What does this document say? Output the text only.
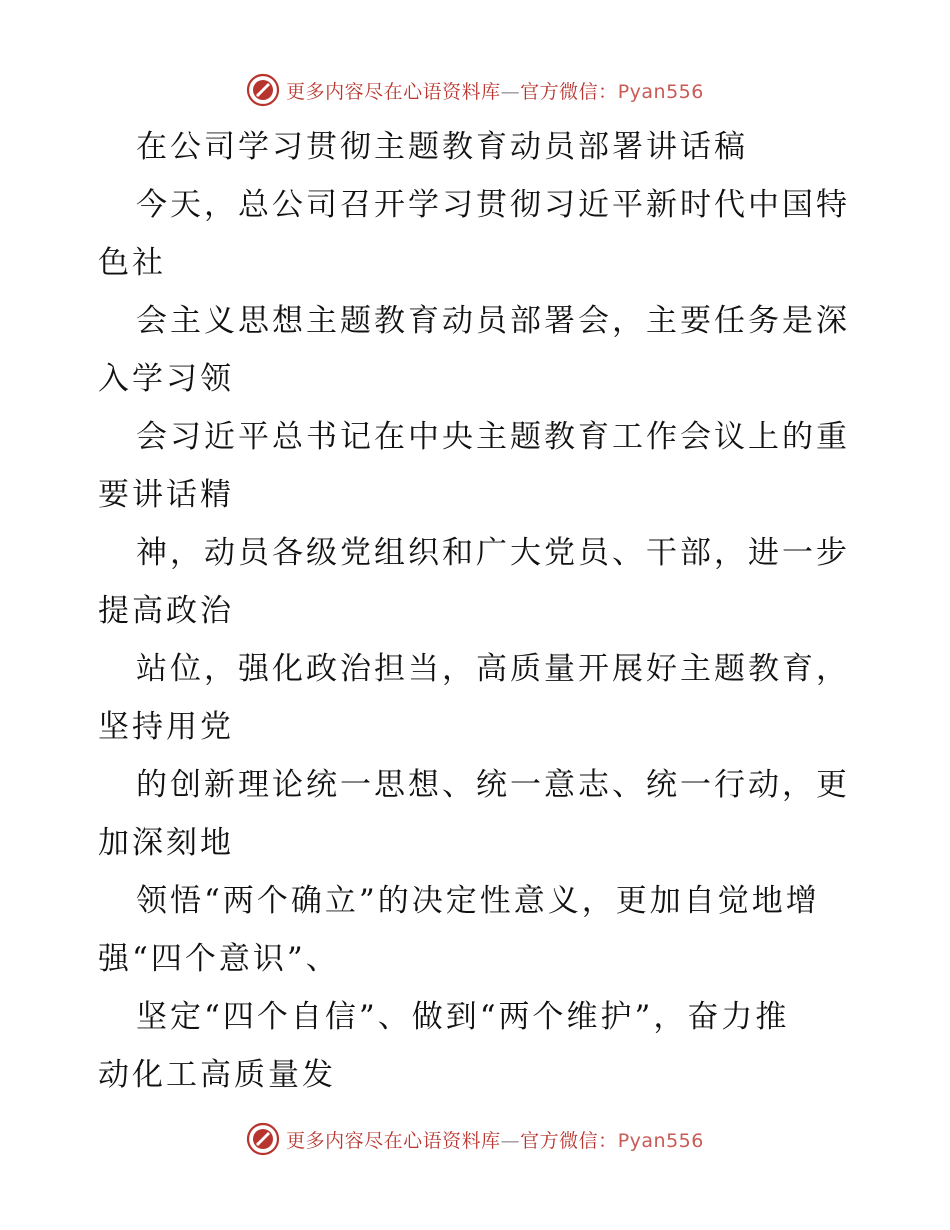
更多内容尽在心语资料库—官方微信：Pyan556
在公司学习贯彻主题教育动员部署讲话稿
今天，总公司召开学习贯彻习近平新时代中国特
色社
会主义思想主题教育动员部署会，主要任务是深
入学习领
会习近平总书记在中央主题教育工作会议上的重
要讲话精
神，动员各级党组织和广大党员、干部，进一步
提高政治
站位，强化政治担当，高质量开展好主题教育，
坚持用党
的创新理论统一思想、统一意志、统一行动，更
加深刻地
领悟“两个确立”的决定性意义，更加自觉地增
强“四个意识”、
坚定“四个自信”、做到“两个维护”，奋力推
动化工高质量发
更多内容尽在心语资料库—官方微信：Pyan556
